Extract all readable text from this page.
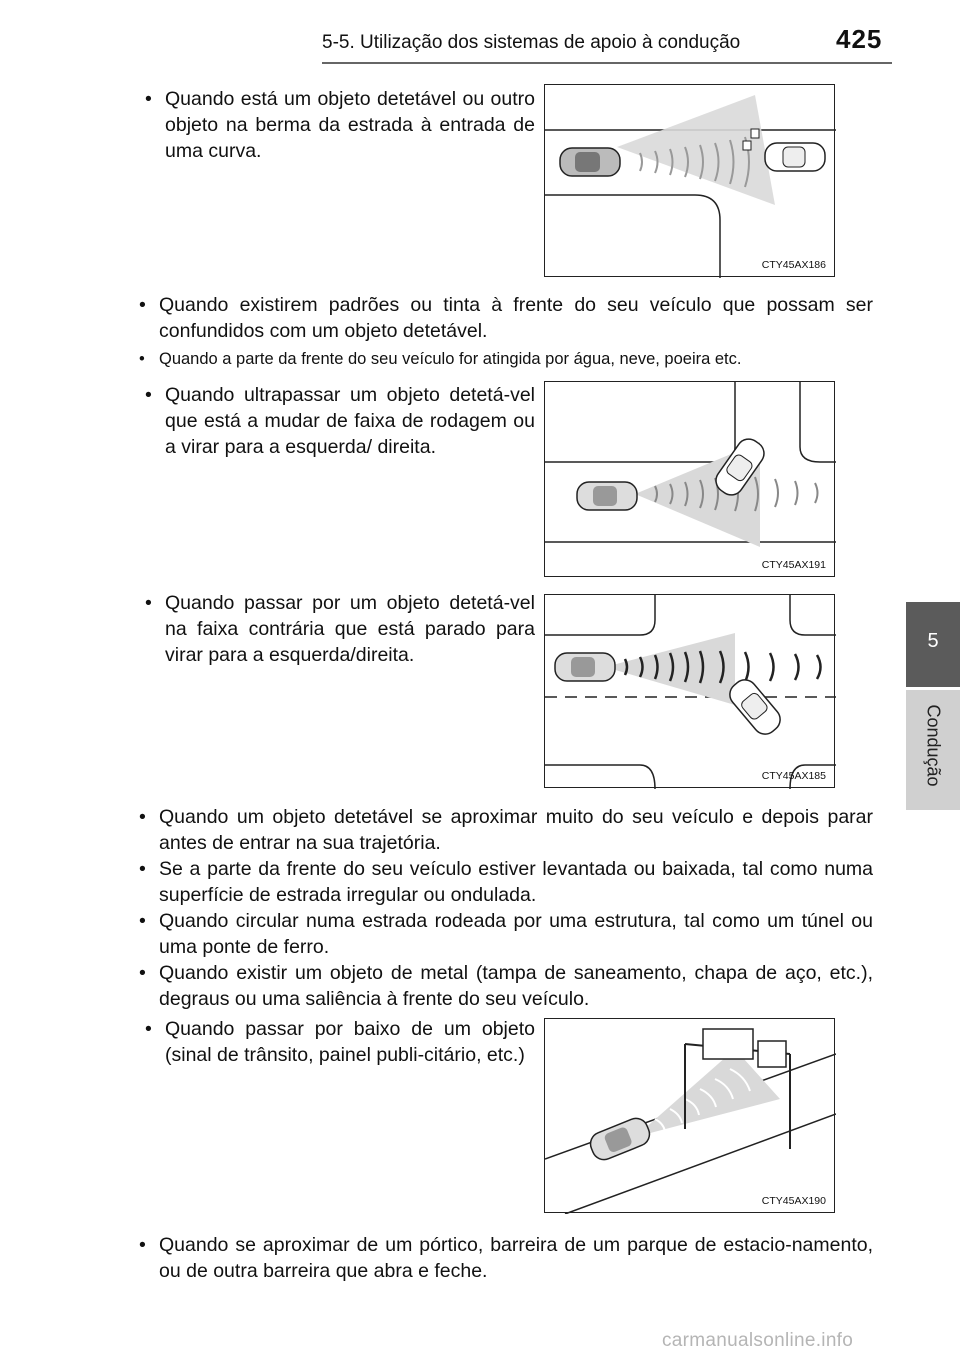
5-5. Utilização dos sistemas de apoio à condução	425
5
Condução
• Quando está um objeto detetável ou outro objeto na berma da estrada à entrada de uma curva.
CTY45AX186
• Quando existirem padrões ou tinta à frente do seu veículo que possam ser confundidos com um objeto detetável.
• Quando a parte da frente do seu veículo for atingida por água, neve, poeira etc.
• Quando ultrapassar um objeto detetá-vel que está a mudar de faixa de rodagem ou a virar para a esquerda/ direita.
CTY45AX191
• Quando passar por um objeto detetá-vel na faixa contrária que está parado para virar para a esquerda/direita.
CTY45AX185
• Quando um objeto detetável se aproximar muito do seu veículo e depois parar antes de entrar na sua trajetória.
• Se a parte da frente do seu veículo estiver levantada ou baixada, tal como numa superfície de estrada irregular ou ondulada.
• Quando circular numa estrada rodeada por uma estrutura, tal como um túnel ou uma ponte de ferro.
• Quando existir um objeto de metal (tampa de saneamento, chapa de aço, etc.), degraus ou uma saliência à frente do seu veículo.
• Quando passar por baixo de um objeto (sinal de trânsito, painel publi-citário, etc.)
CTY45AX190
• Quando se aproximar de um pórtico, barreira de um parque de estacio-namento, ou de outra barreira que abra e feche.
carmanualsonline.info
